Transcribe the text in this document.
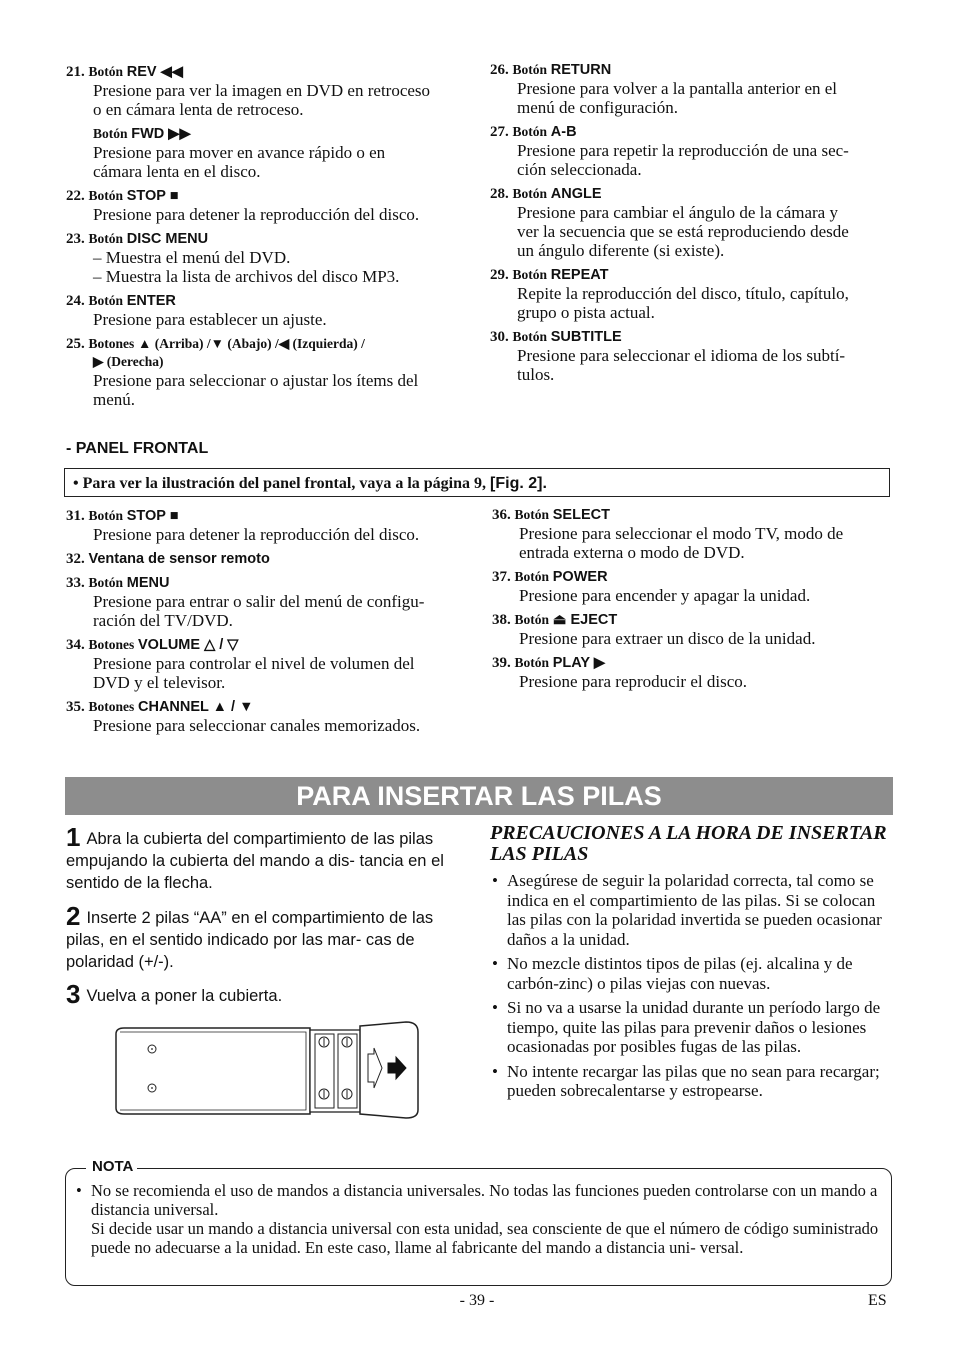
21. Botón REV ◀◀
Presione para ver la imagen en DVD en retroceso
o en cámara lenta de retroceso.
Botón FWD ▶▶
Presione para mover en avance rápido o en
cámara lenta en el disco.
22. Botón STOP ■
Presione para detener la reproducción del disco.
23. Botón DISC MENU
– Muestra el menú del DVD.
– Muestra la lista de archivos del disco MP3.
24. Botón ENTER
Presione para establecer un ajuste.
25. Botones ▲ (Arriba) /▼ (Abajo) /◀ (Izquierda) /
▶ (Derecha)
Presione para seleccionar o ajustar los ítems del
menú.
26. Botón RETURN
Presione para volver a la pantalla anterior en el
menú de configuración.
27. Botón A-B
Presione para repetir la reproducción de una sec-
ción seleccionada.
28. Botón ANGLE
Presione para cambiar el ángulo de la cámara y
ver la secuencia que se está reproduciendo desde
un ángulo diferente (si existe).
29. Botón REPEAT
Repite la reproducción del disco, título, capítulo,
grupo o pista actual.
30. Botón SUBTITLE
Presione para seleccionar el idioma de los subtí-
tulos.
- PANEL FRONTAL
• Para ver la ilustración del panel frontal, vaya a la página 9, [Fig. 2].
31. Botón STOP ■
Presione para detener la reproducción del disco.
32. Ventana de sensor remoto
33. Botón MENU
Presione para entrar o salir del menú de configu-
ración del TV/DVD.
34. Botones VOLUME △ / ▽
Presione para controlar el nivel de volumen del
DVD y el televisor.
35. Botones CHANNEL ▲ / ▼
Presione para seleccionar canales memorizados.
36. Botón SELECT
Presione para seleccionar el modo TV, modo de
entrada externa o modo de DVD.
37. Botón POWER
Presione para encender y apagar la unidad.
38. Botón ⏏ EJECT
Presione para extraer un disco de la unidad.
39. Botón PLAY ▶
Presione para reproducir el disco.
PARA INSERTAR LAS PILAS
1 Abra la cubierta del compartimiento de las pilas empujando la cubierta del mando a dis- tancia en el sentido de la flecha.
2 Inserte 2 pilas “AA” en el compartimiento de las pilas, en el sentido indicado por las mar- cas de polaridad (+/-).
3 Vuelva a poner la cubierta.
PRECAUCIONES A LA HORA DE INSERTAR LAS PILAS
• Asegúrese de seguir la polaridad correcta, tal como se indica en el compartimiento de las pilas. Si se colocan las pilas con la polaridad invertida se pueden ocasionar daños a la unidad.
• No mezcle distintos tipos de pilas (ej. alcalina y de carbón-zinc) o pilas viejas con nuevas.
• Si no va a usarse la unidad durante un período largo de tiempo, quite las pilas para prevenir daños o lesiones ocasionadas por posibles fugas de las pilas.
• No intente recargar las pilas que no sean para recargar; pueden sobrecalentarse y estropearse.
NOTA
• No se recomienda el uso de mandos a distancia universales. No todas las funciones pueden controlarse con un mando a distancia universal.
Si decide usar un mando a distancia universal con esta unidad, sea consciente de que el número de código suministrado puede no adecuarse a la unidad. En este caso, llame al fabricante del mando a distancia uni- versal.
- 39 -	ES
